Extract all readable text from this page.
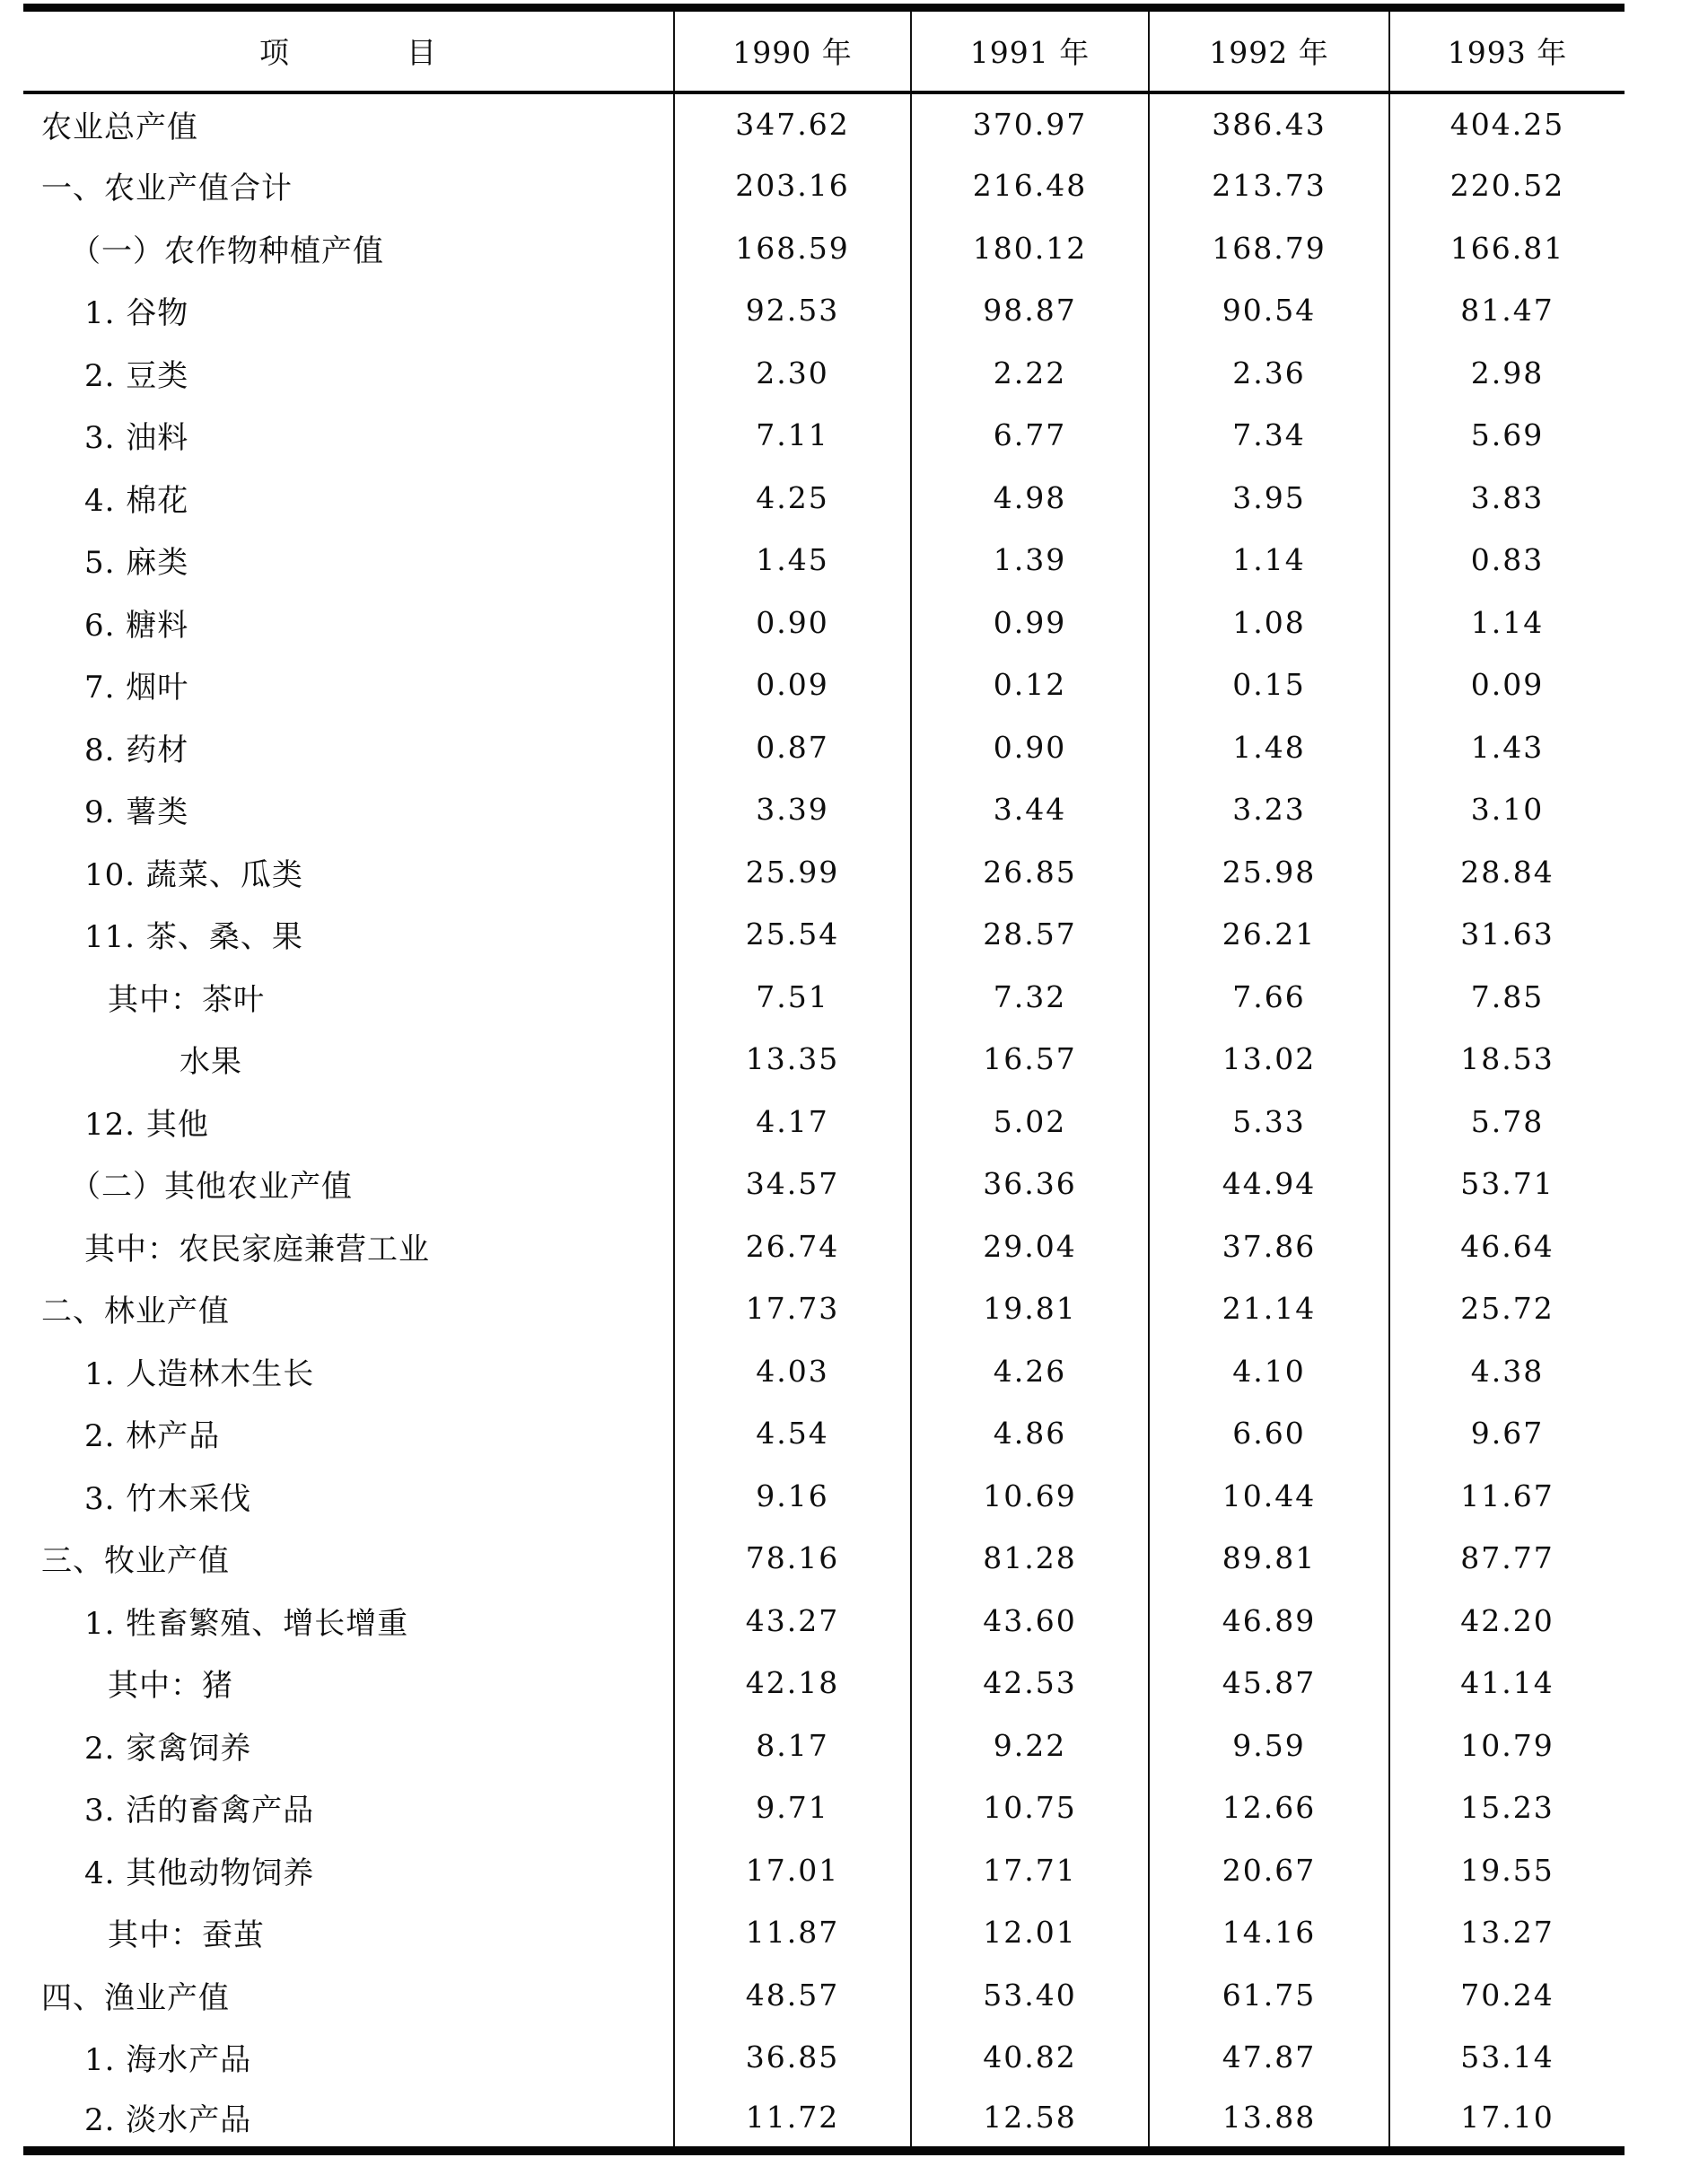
项 目	1990 年	1991 年	1992 年	1993 年
农业总产值	347.62	370.97	386.43	404.25
一、农业产值合计	203.16	216.48	213.73	220.52
（一）农作物种植产值	168.59	180.12	168.79	166.81
1. 谷物	92.53	98.87	90.54	81.47
2. 豆类	2.30	2.22	2.36	2.98
3. 油料	7.11	6.77	7.34	5.69
4. 棉花	4.25	4.98	3.95	3.83
5. 麻类	1.45	1.39	1.14	0.83
6. 糖料	0.90	0.99	1.08	1.14
7. 烟叶	0.09	0.12	0.15	0.09
8. 药材	0.87	0.90	1.48	1.43
9. 薯类	3.39	3.44	3.23	3.10
10. 蔬菜、瓜类	25.99	26.85	25.98	28.84
11. 茶、桑、果	25.54	28.57	26.21	31.63
其中：茶叶	7.51	7.32	7.66	7.85
水果	13.35	16.57	13.02	18.53
12. 其他	4.17	5.02	5.33	5.78
（二）其他农业产值	34.57	36.36	44.94	53.71
其中：农民家庭兼营工业	26.74	29.04	37.86	46.64
二、林业产值	17.73	19.81	21.14	25.72
1. 人造林木生长	4.03	4.26	4.10	4.38
2. 林产品	4.54	4.86	6.60	9.67
3. 竹木采伐	9.16	10.69	10.44	11.67
三、牧业产值	78.16	81.28	89.81	87.77
1. 牲畜繁殖、增长增重	43.27	43.60	46.89	42.20
其中：猪	42.18	42.53	45.87	41.14
2. 家禽饲养	8.17	9.22	9.59	10.79
3. 活的畜禽产品	9.71	10.75	12.66	15.23
4. 其他动物饲养	17.01	17.71	20.67	19.55
其中：蚕茧	11.87	12.01	14.16	13.27
四、渔业产值	48.57	53.40	61.75	70.24
1. 海水产品	36.85	40.82	47.87	53.14
2. 淡水产品	11.72	12.58	13.88	17.10
